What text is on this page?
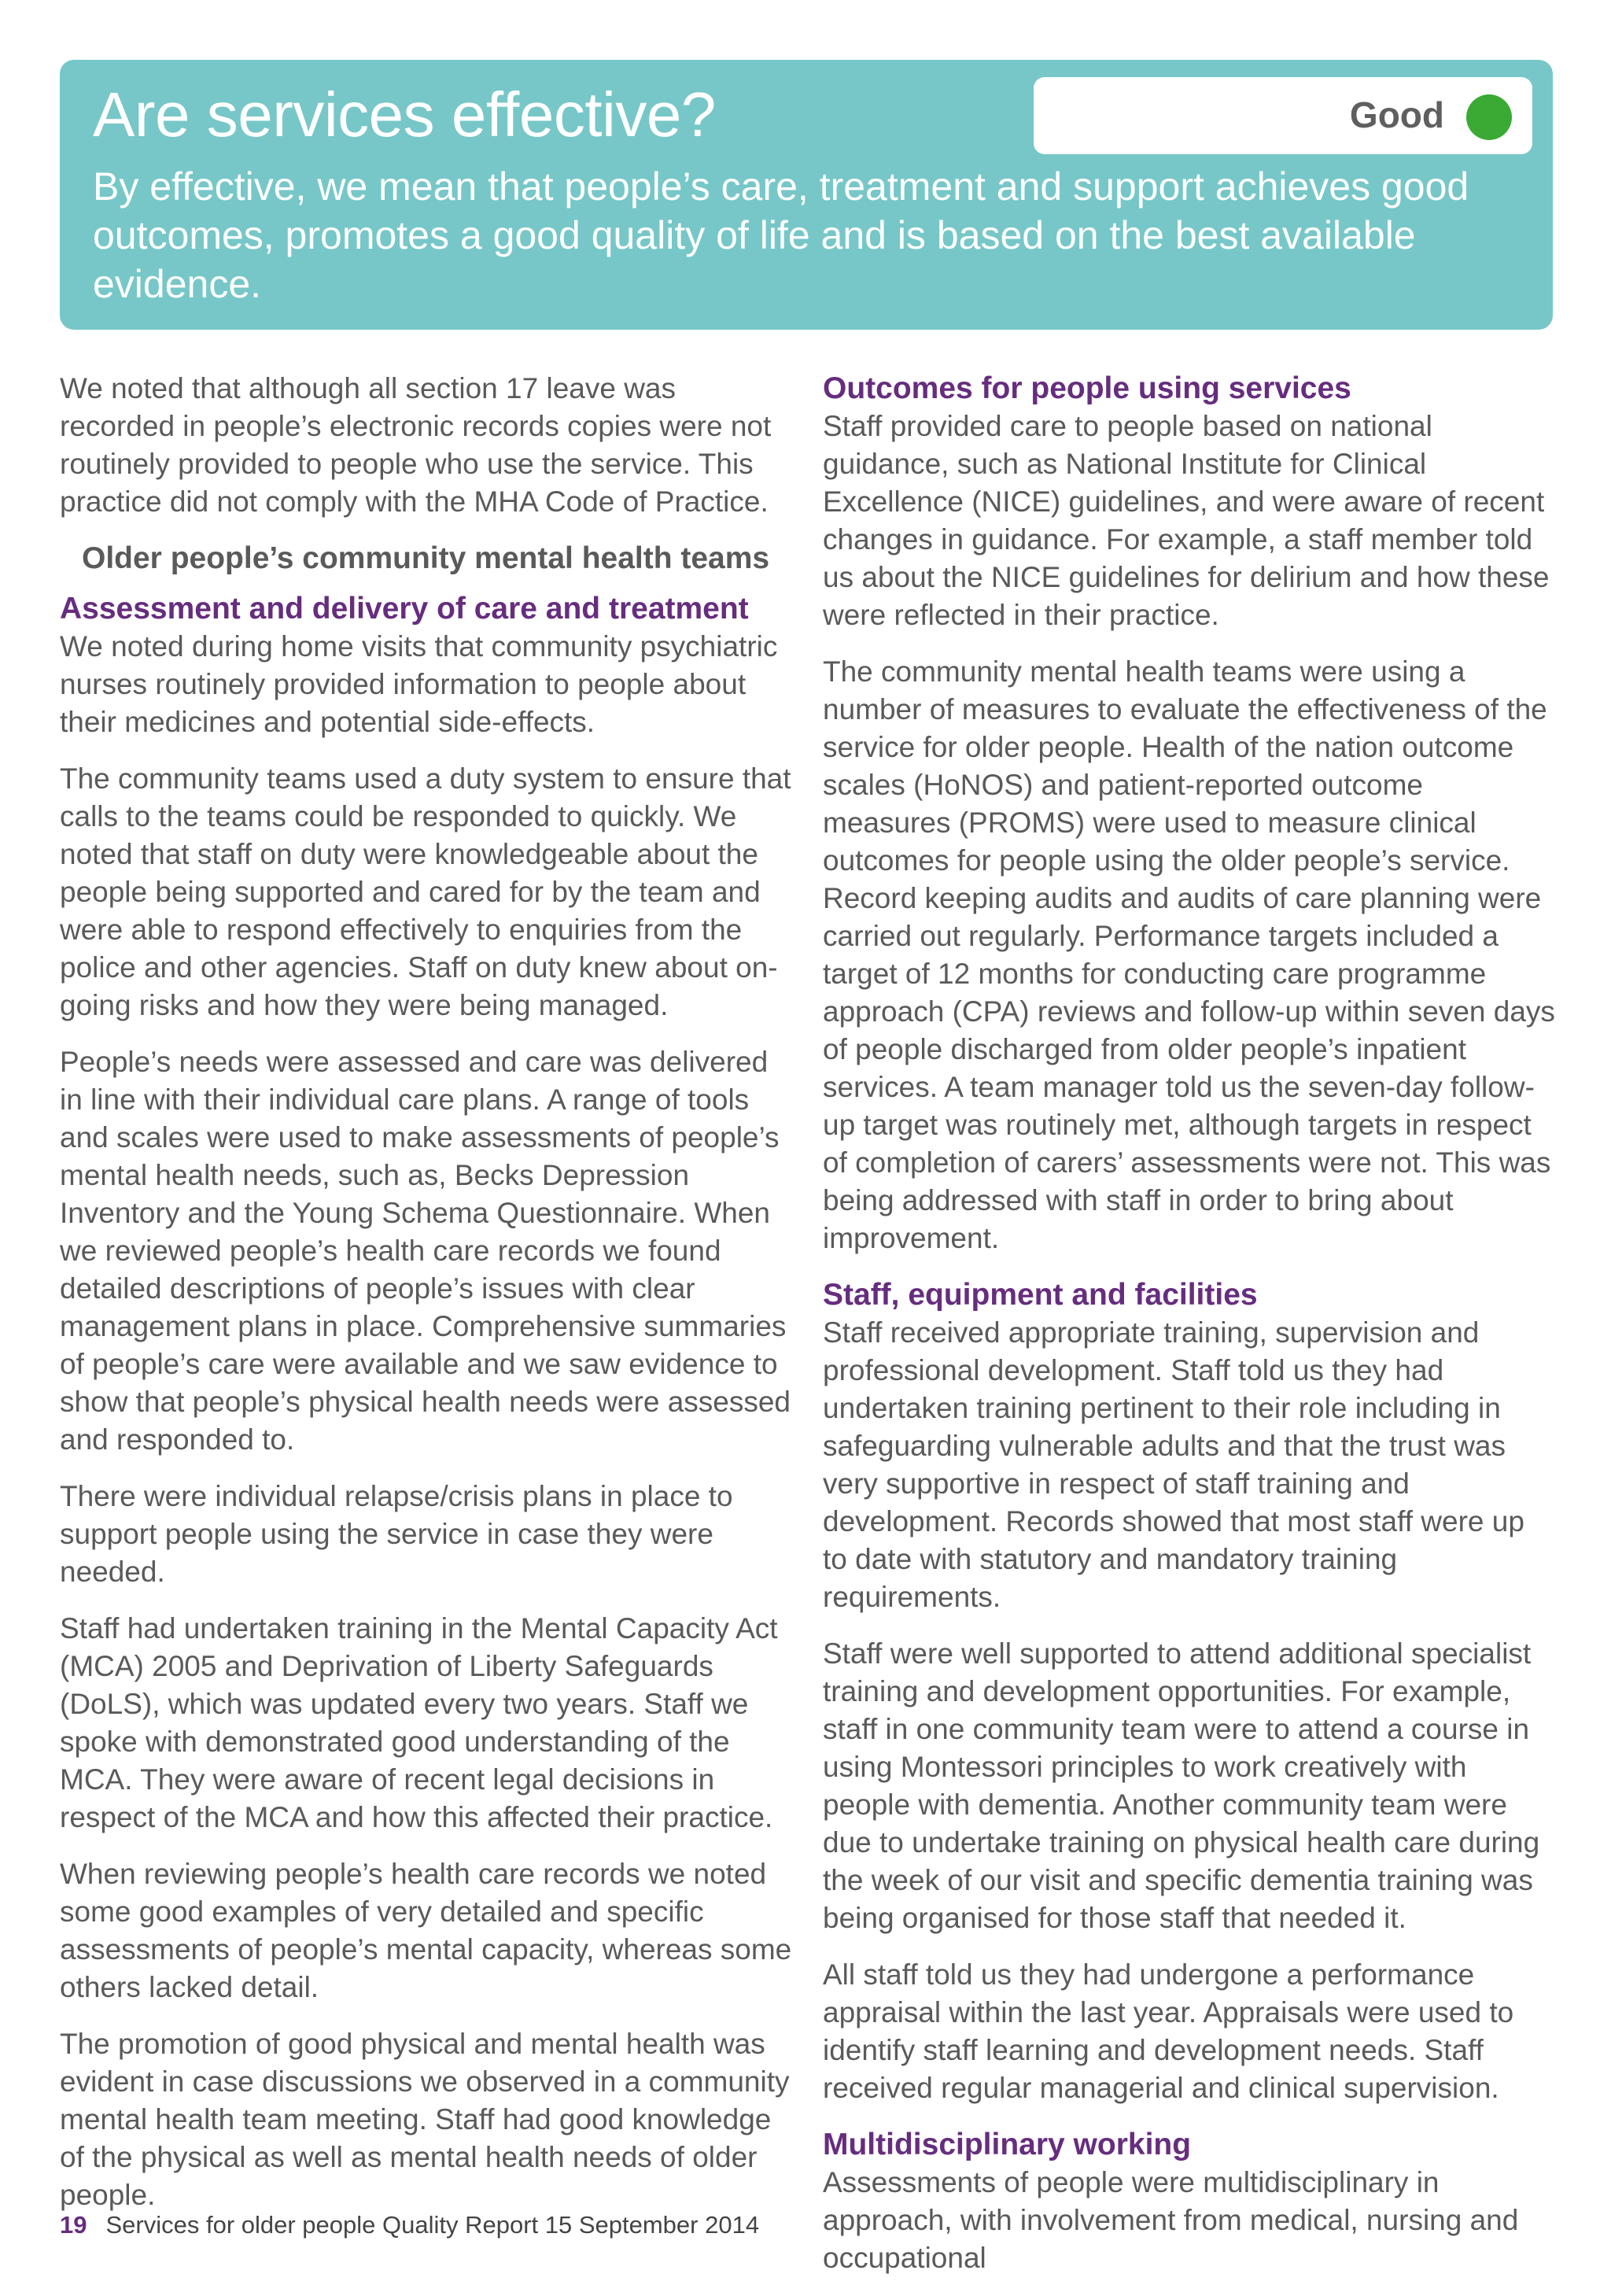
Are services effective?	Good

By effective, we mean that people’s care, treatment and support achieves good outcomes, promotes a good quality of life and is based on the best available evidence.

We noted that although all section 17 leave was recorded in people’s electronic records copies were not routinely provided to people who use the service. This practice did not comply with the MHA Code of Practice.

Older people’s community mental health teams
Assessment and delivery of care and treatment

We noted during home visits that community psychiatric nurses routinely provided information to people about their medicines and potential side-effects.

The community teams used a duty system to ensure that calls to the teams could be responded to quickly. We noted that staff on duty were knowledgeable about the people being supported and cared for by the team and were able to respond effectively to enquiries from the police and other agencies. Staff on duty knew about on-going risks and how they were being managed.

People’s needs were assessed and care was delivered in line with their individual care plans. A range of tools and scales were used to make assessments of people’s mental health needs, such as, Becks Depression Inventory and the Young Schema Questionnaire. When we reviewed people’s health care records we found detailed descriptions of people’s issues with clear management plans in place. Comprehensive summaries of people’s care were available and we saw evidence to show that people’s physical health needs were assessed and responded to.

There were individual relapse/crisis plans in place to support people using the service in case they were needed.

Staff had undertaken training in the Mental Capacity Act (MCA) 2005 and Deprivation of Liberty Safeguards (DoLS), which was updated every two years. Staff we spoke with demonstrated good understanding of the MCA. They were aware of recent legal decisions in respect of the MCA and how this affected their practice.

When reviewing people’s health care records we noted some good examples of very detailed and specific assessments of people’s mental capacity, whereas some others lacked detail.

The promotion of good physical and mental health was evident in case discussions we observed in a community mental health team meeting. Staff had good knowledge of the physical as well as mental health needs of older people.

Outcomes for people using services

Staff provided care to people based on national guidance, such as National Institute for Clinical Excellence (NICE) guidelines, and were aware of recent changes in guidance. For example, a staff member told us about the NICE guidelines for delirium and how these were reflected in their practice.

The community mental health teams were using a number of measures to evaluate the effectiveness of the service for older people. Health of the nation outcome scales (HoNOS) and patient-reported outcome measures (PROMS) were used to measure clinical outcomes for people using the older people’s service. Record keeping audits and audits of care planning were carried out regularly. Performance targets included a target of 12 months for conducting care programme approach (CPA) reviews and follow-up within seven days of people discharged from older people’s inpatient services. A team manager told us the seven-day follow-up target was routinely met, although targets in respect of completion of carers’ assessments were not. This was being addressed with staff in order to bring about improvement.

Staff, equipment and facilities

Staff received appropriate training, supervision and professional development. Staff told us they had undertaken training pertinent to their role including in safeguarding vulnerable adults and that the trust was very supportive in respect of staff training and development. Records showed that most staff were up to date with statutory and mandatory training requirements.

Staff were well supported to attend additional specialist training and development opportunities. For example, staff in one community team were to attend a course in using Montessori principles to work creatively with people with dementia. Another community team were due to undertake training on physical health care during the week of our visit and specific dementia training was being organised for those staff that needed it.

All staff told us they had undergone a performance appraisal within the last year. Appraisals were used to identify staff learning and development needs. Staff received regular managerial and clinical supervision.

Multidisciplinary working

Assessments of people were multidisciplinary in approach, with involvement from medical, nursing and occupational

19 Services for older people Quality Report 15 September 2014
